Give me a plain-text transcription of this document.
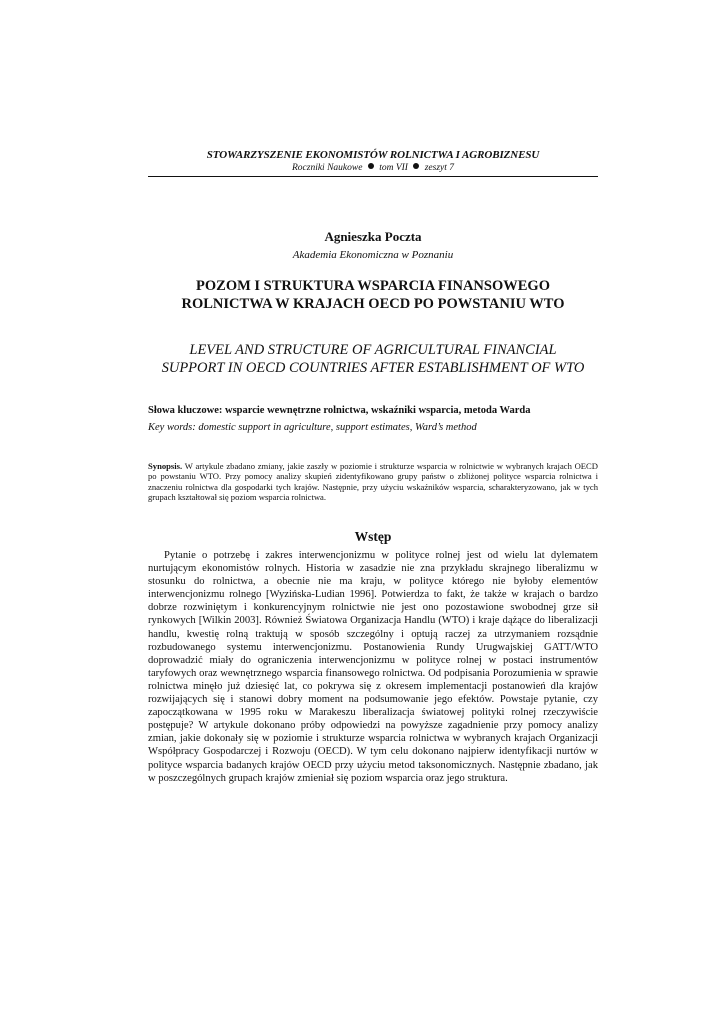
STOWARZYSZENIE EKONOMISTÓW ROLNICTWA I AGROBIZNESU
Roczniki Naukowe tom VII zeszyt 7
Agnieszka Poczta
Akademia Ekonomiczna w Poznaniu
POZOM I STRUKTURA WSPARCIA FINANSOWEGO
ROLNICTWA W KRAJACH OECD PO POWSTANIU WTO
LEVEL AND STRUCTURE OF AGRICULTURAL FINANCIAL
SUPPORT IN OECD COUNTRIES AFTER ESTABLISHMENT OF WTO
Słowa kluczowe: wsparcie wewnętrzne rolnictwa, wskaźniki wsparcia, metoda Warda
Key words: domestic support in agriculture, support estimates, Ward’s method
Synopsis. W artykule zbadano zmiany, jakie zaszły w poziomie i strukturze wsparcia w rolnictwie w wybranych krajach OECD po powstaniu WTO. Przy pomocy analizy skupień zidentyfikowano grupy państw o zbliżonej polityce wsparcia rolnictwa i znaczeniu rolnictwa dla gospodarki tych krajów. Następnie, przy użyciu wskaźników wsparcia, scharakteryzowano, jak w tych grupach kształtował się poziom wsparcia rolnictwa.
Wstęp

Pytanie o potrzebę i zakres interwencjonizmu w polityce rolnej jest od wielu lat dylematem nurtującym ekonomistów rolnych. Historia w zasadzie nie zna przykładu skrajnego liberalizmu w stosunku do rolnictwa, a obecnie nie ma kraju, w polityce którego nie byłoby elementów interwencjonizmu rolnego [Wyzińska-Ludian 1996]. Potwierdza to fakt, że także w krajach o bardzo dobrze rozwiniętym i konkurencyjnym rolnictwie nie jest ono pozostawione swobodnej grze sił rynkowych [Wilkin 2003]. Również Światowa Organizacja Handlu (WTO) i kraje dążące do liberalizacji handlu, kwestię rolną traktują w sposób szczególny i optują raczej za utrzymaniem rozsądnie rozbudowanego systemu interwencjonizmu. Postanowienia Rundy Urugwajskiej GATT/WTO doprowadzić miały do ograniczenia interwencjonizmu w polityce rolnej w postaci instrumentów taryfowych oraz wewnętrznego wsparcia finansowego rolnictwa. Od podpisania Porozumienia w sprawie rolnictwa minęło już dziesięć lat, co pokrywa się z okresem implementacji postanowień dla krajów rozwijających się i stanowi dobry moment na podsumowanie jego efektów. Powstaje pytanie, czy zapoczątkowana w 1995 roku w Marakeszu liberalizacja światowej polityki rolnej rzeczywiście postępuje? W artykule dokonano próby odpowiedzi na powyższe zagadnienie przy pomocy analizy zmian, jakie dokonały się w poziomie i strukturze wsparcia rolnictwa w wybranych krajach Organizacji Współpracy Gospodarczej i Rozwoju (OECD). W tym celu dokonano najpierw identyfikacji nurtów w polityce wsparcia badanych krajów OECD przy użyciu metod taksonomicznych. Następnie zbadano, jak w poszczególnych grupach krajów zmieniał się poziom wsparcia oraz jego struktura.
